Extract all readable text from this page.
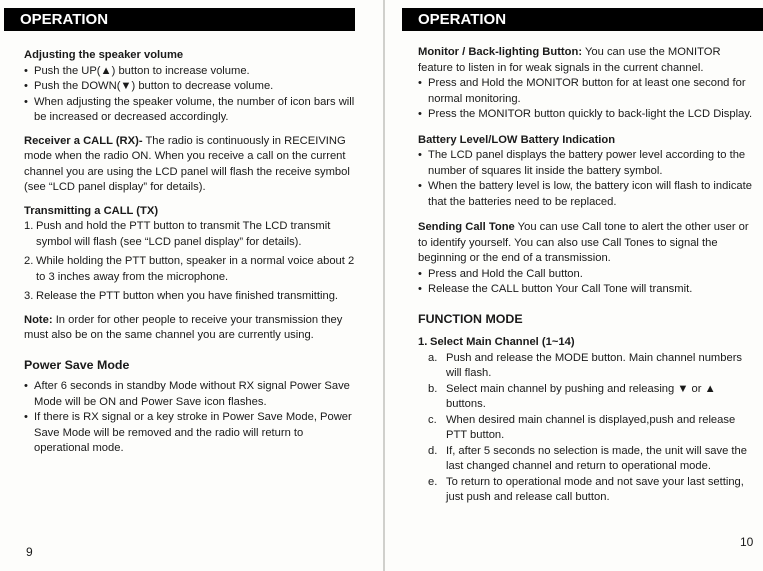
OPERATION

Adjusting the speaker volume

• Push the UP(▲) button to increase volume.

• Push the DOWN(▼) button to decrease volume.

• When adjusting the speaker volume, the number of icon bars will be increased or decreased accordingly.

Receiver a CALL (RX)- The radio is continuously in RECEIVING mode when the radio ON. When you receive a call on the current channel you are using the LCD panel will flash the receive symbol (see “LCD panel display” for details).

Transmitting a CALL (TX)

1. Push and hold the PTT button to transmit The LCD transmit symbol will flash (see “LCD panel display” for details).

2. While holding the PTT button, speaker in a normal voice about 2 to 3 inches away from the microphone.

3. Release the PTT button when you have finished transmitting.

Note: In order for other people to receive your transmission they must also be on the same channel you are currently using.

Power Save Mode

• After 6 seconds in standby Mode without RX signal Power Save Mode will be ON and Power Save icon flashes.

• If there is RX signal or a key stroke in Power Save Mode, Power Save Mode will be removed and the radio will return to operational mode.

9
OPERATION

Monitor / Back-lighting Button: You can use the MONITOR feature to listen in for weak signals in the current channel.

• Press and Hold the MONITOR button for at least one second for normal monitoring.

• Press the MONITOR button quickly to back-light the LCD Display.

Battery Level/LOW Battery Indication

• The LCD panel displays the battery power level according to the number of squares lit inside the battery symbol.

• When the battery level is low, the battery icon will flash to indicate that the batteries need to be replaced.

Sending Call Tone You can use Call tone to alert the other user or to identify yourself. You can also use Call Tones to signal the beginning or the end of a transmission.

• Press and Hold the Call button.

• Release the CALL button Your Call Tone will transmit.

FUNCTION MODE

1. Select Main Channel (1~14)

a. Push and release the MODE button. Main channel numbers will flash.

b. Select main channel by pushing and releasing ▼ or ▲ buttons.

c. When desired main channel is displayed,push and release PTT button.

d. If, after 5 seconds no selection is made, the unit will save the last changed channel and return to operational mode.

e. To return to operational mode and not save your last setting, just push and release call button.

10
